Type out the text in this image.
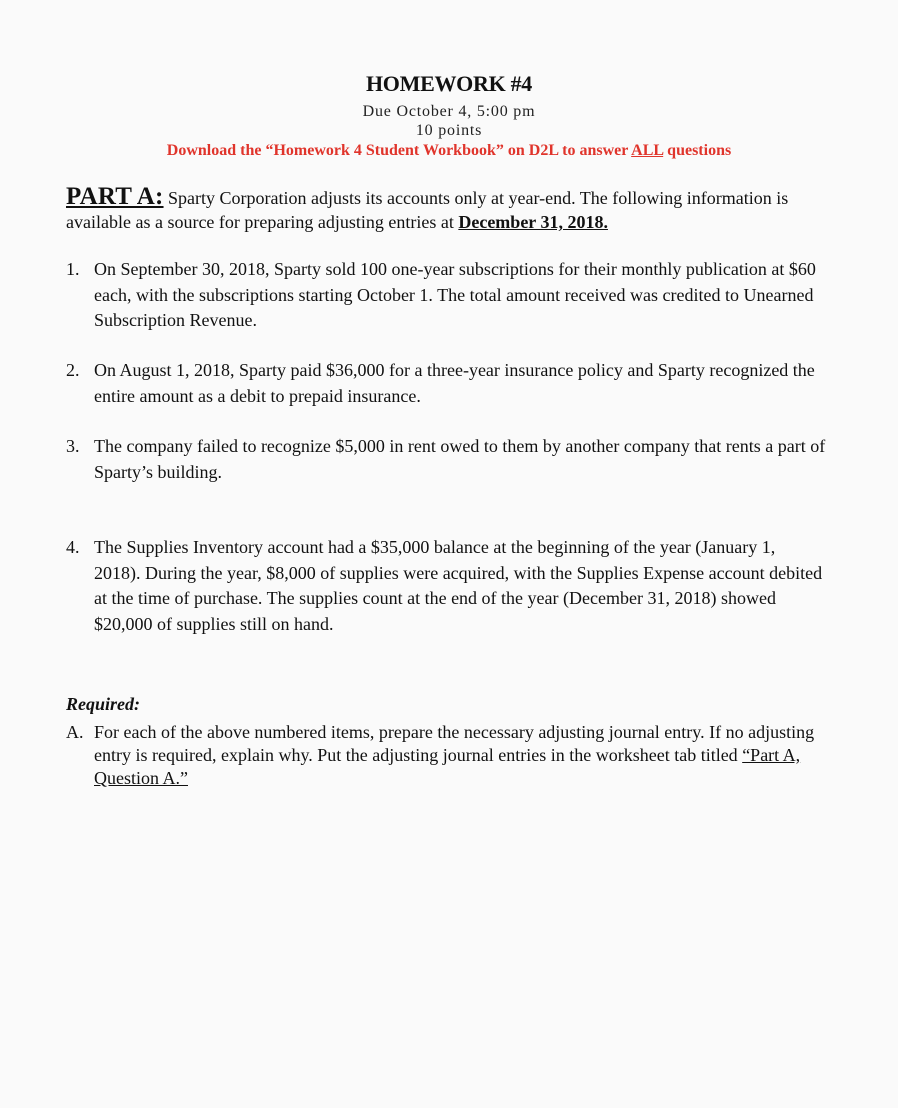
HOMEWORK #4
Due October 4, 5:00 pm
10 points
Download the “Homework 4 Student Workbook” on D2L to answer ALL questions
PART A: Sparty Corporation adjusts its accounts only at year-end. The following information is available as a source for preparing adjusting entries at December 31, 2018.
1. On September 30, 2018, Sparty sold 100 one-year subscriptions for their monthly publication at $60 each, with the subscriptions starting October 1. The total amount received was credited to Unearned Subscription Revenue.
2. On August 1, 2018, Sparty paid $36,000 for a three-year insurance policy and Sparty recognized the entire amount as a debit to prepaid insurance.
3. The company failed to recognize $5,000 in rent owed to them by another company that rents a part of Sparty’s building.
4. The Supplies Inventory account had a $35,000 balance at the beginning of the year (January 1, 2018). During the year, $8,000 of supplies were acquired, with the Supplies Expense account debited at the time of purchase. The supplies count at the end of the year (December 31, 2018) showed $20,000 of supplies still on hand.
Required:
A. For each of the above numbered items, prepare the necessary adjusting journal entry. If no adjusting entry is required, explain why. Put the adjusting journal entries in the worksheet tab titled “Part A, Question A.”
